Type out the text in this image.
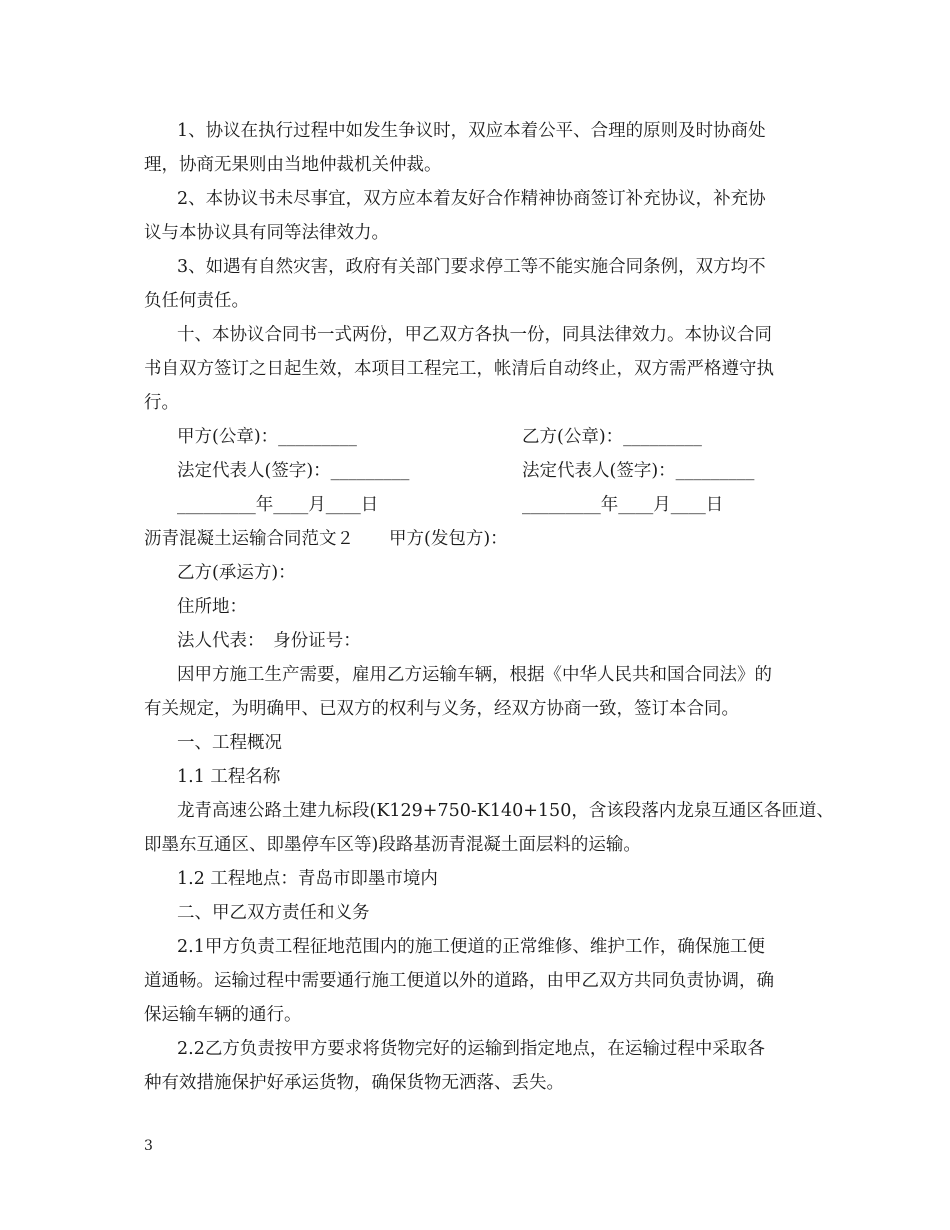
1、协议在执行过程中如发生争议时，双应本着公平、合理的原则及时协商处

理，协商无果则由当地仲裁机关仲裁。

2、本协议书未尽事宜，双方应本着友好合作精神协商签订补充协议，补充协

议与本协议具有同等法律效力。

3、如遇有自然灾害，政府有关部门要求停工等不能实施合同条例，双方均不

负任何责任。

十、本协议合同书一式两份，甲乙双方各执一份，同具法律效力。本协议合同

书自双方签订之日起生效，本项目工程完工，帐清后自动终止，双方需严格遵守执

行。

甲方(公章)：_________	乙方(公章)：_________
法定代表人(签字)：_________	法定代表人(签字)：_________
_________年____月____日	_________年____月____日

沥青混凝土运输合同范文２　　甲方(发包方)：

乙方(承运方)：

住所地：

法人代表：　身份证号：

因甲方施工生产需要，雇用乙方运输车辆，根据《中华人民共和国合同法》的

有关规定，为明确甲、已双方的权利与义务，经双方协商一致，签订本合同。

一、工程概况

1.1 工程名称

龙青高速公路土建九标段(K129+750-K140+150，含该段落内龙泉互通区各匝道、

即墨东互通区、即墨停车区等)段路基沥青混凝土面层料的运输。

1.2 工程地点：青岛市即墨市境内

二、甲乙双方责任和义务

2.1甲方负责工程征地范围内的施工便道的正常维修、维护工作，确保施工便

道通畅。运输过程中需要通行施工便道以外的道路，由甲乙双方共同负责协调，确

保运输车辆的通行。

2.2乙方负责按甲方要求将货物完好的运输到指定地点，在运输过程中采取各

种有效措施保护好承运货物，确保货物无洒落、丢失。

3
